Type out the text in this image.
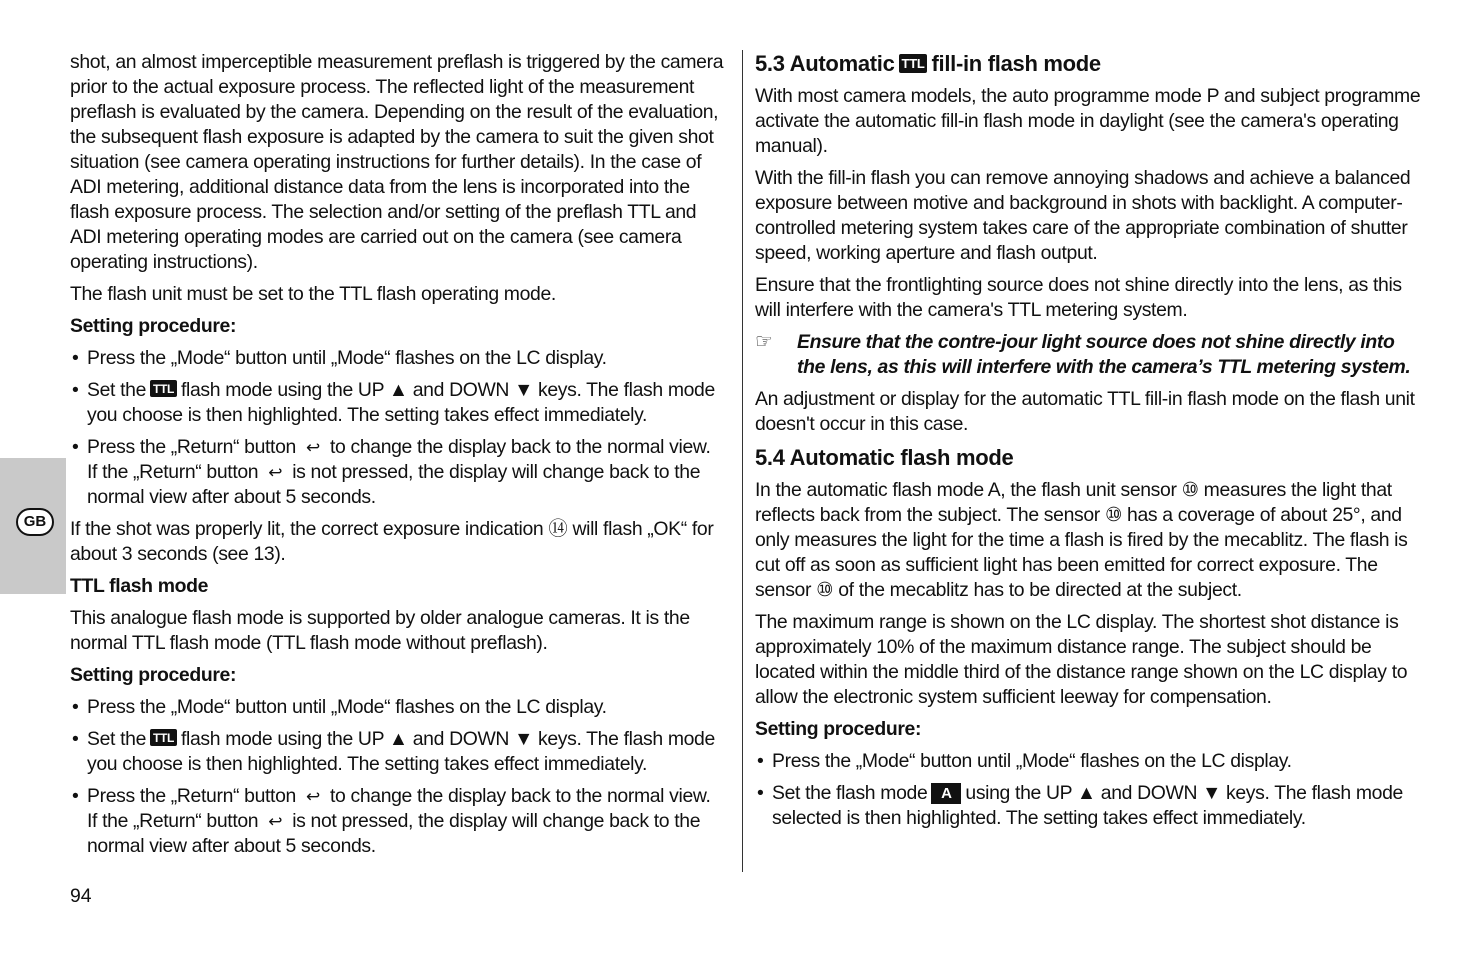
GB

shot, an almost imperceptible measurement preflash is triggered by the camera prior to the actual exposure process. The reflected light of the measurement preflash is evaluated by the camera. Depending on the result of the evaluation, the subsequent flash exposure is adapted by the camera to suit the given shot situation (see camera operating instructions for further details). In the case of ADI metering, additional distance data from the lens is incorporated into the flash exposure process. The selection and/or setting of the preflash TTL and ADI metering operating modes are carried out on the camera (see camera operating instructions).

The flash unit must be set to the TTL flash operating mode.

Setting procedure:
• Press the „Mode“ button until „Mode“ flashes on the LC display.
• Set the TTL flash mode using the UP ▲ and DOWN ▼ keys. The flash mode you choose is then highlighted. The setting takes effect immediately.
• Press the „Return“ button ↩ to change the display back to the normal view.
If the „Return“ button ↩ is not pressed, the display will change back to the normal view after about 5 seconds.

If the shot was properly lit, the correct exposure indication ⑭ will flash „OK“ for about 3 seconds (see 13).

TTL flash mode

This analogue flash mode is supported by older analogue cameras. It is the normal TTL flash mode (TTL flash mode without preflash).

Setting procedure:
• Press the „Mode“ button until „Mode“ flashes on the LC display.
• Set the TTL flash mode using the UP ▲ and DOWN ▼ keys. The flash mode you choose is then highlighted. The setting takes effect immediately.
• Press the „Return“ button ↩ to change the display back to the normal view.
If the „Return“ button ↩ is not pressed, the display will change back to the normal view after about 5 seconds.
5.3 Automatic TTL fill-in flash mode

With most camera models, the auto programme mode P and subject programme activate the automatic fill-in flash mode in daylight (see the camera's operating manual).

With the fill-in flash you can remove annoying shadows and achieve a balanced exposure between motive and background in shots with backlight. A computer-controlled metering system takes care of the appropriate combination of shutter speed, working aperture and flash output.

Ensure that the frontlighting source does not shine directly into the lens, as this will interfere with the camera's TTL metering system.

☞ Ensure that the contre-jour light source does not shine directly into the lens, as this will interfere with the camera’s TTL metering system.

An adjustment or display for the automatic TTL fill-in flash mode on the flash unit doesn't occur in this case.

5.4 Automatic flash mode

In the automatic flash mode A, the flash unit sensor ⑩ measures the light that reflects back from the subject. The sensor ⑩ has a coverage of about 25°, and only measures the light for the time a flash is fired by the mecablitz. The flash is cut off as soon as sufficient light has been emitted for correct exposure. The sensor ⑩ of the mecablitz has to be directed at the subject.

The maximum range is shown on the LC display. The shortest shot distance is approximately 10% of the maximum distance range. The subject should be located within the middle third of the distance range shown on the LC display to allow the electronic system sufficient leeway for compensation.

Setting procedure:
• Press the „Mode“ button until „Mode“ flashes on the LC display.
• Set the flash mode A using the UP ▲ and DOWN ▼ keys. The flash mode selected is then highlighted. The setting takes effect immediately.
94
